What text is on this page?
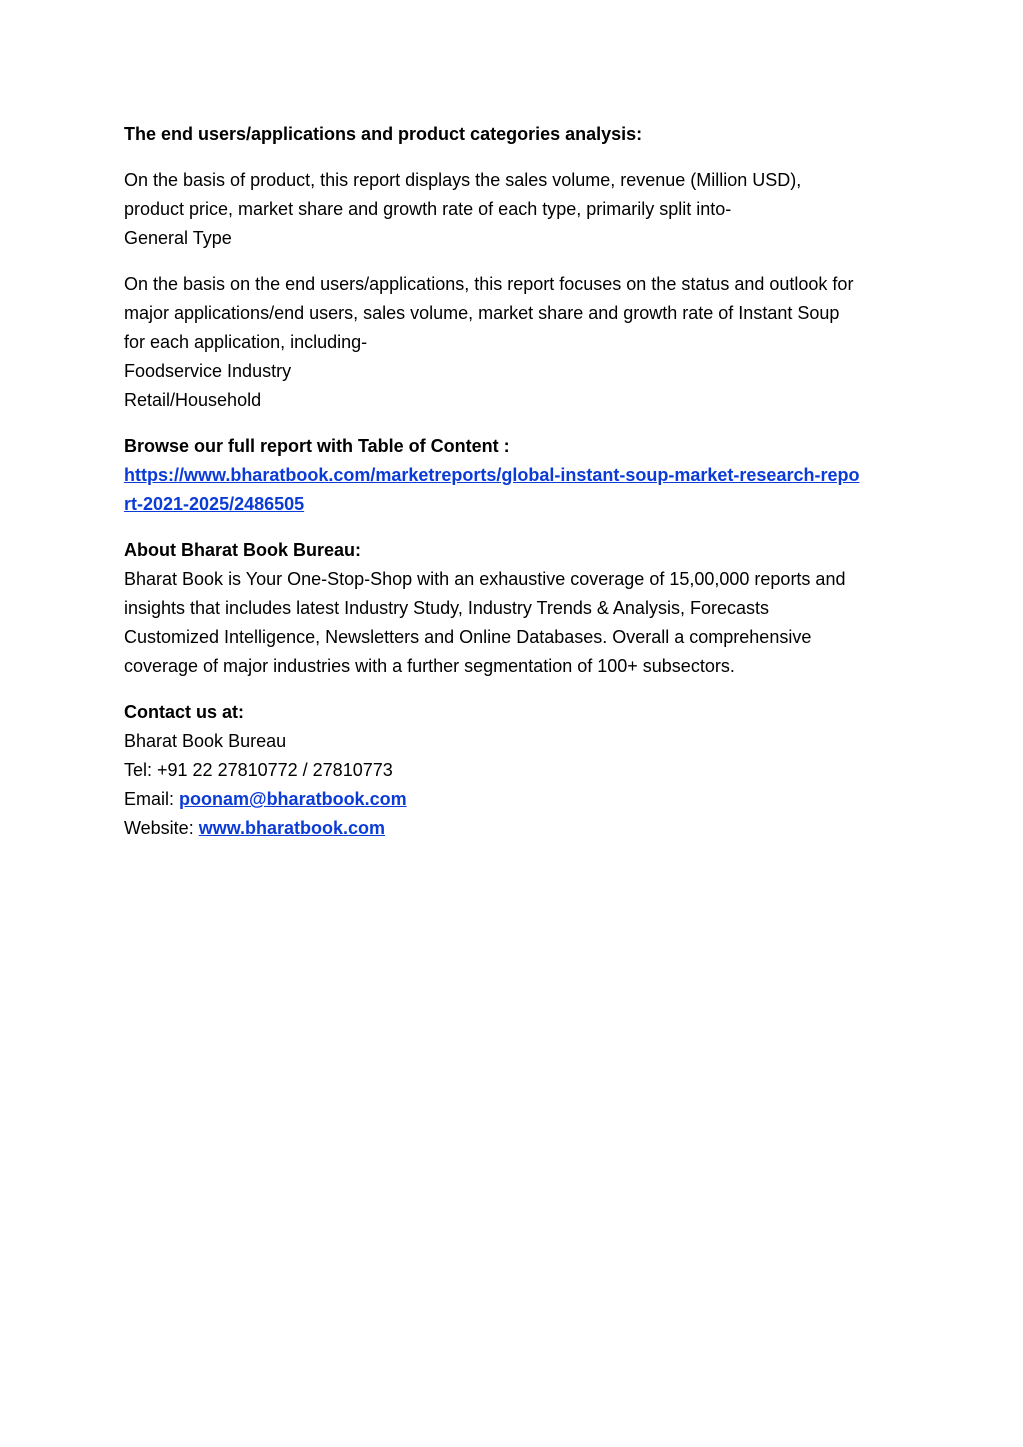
The end users/applications and product categories analysis:
On the basis of product, this report displays the sales volume, revenue (Million USD),
product price, market share and growth rate of each type, primarily split into-
General Type
On the basis on the end users/applications, this report focuses on the status and outlook for
major applications/end users, sales volume, market share and growth rate of Instant Soup
for each application, including-
Foodservice Industry
Retail/Household
Browse our full report with Table of Content :
https://www.bharatbook.com/marketreports/global-instant-soup-market-research-report-2021-2025/2486505
About Bharat Book Bureau:
Bharat Book is Your One-Stop-Shop with an exhaustive coverage of 15,00,000 reports and
insights that includes latest Industry Study, Industry Trends & Analysis, Forecasts
Customized Intelligence, Newsletters and Online Databases. Overall a comprehensive
coverage of major industries with a further segmentation of 100+ subsectors.
Contact us at:
Bharat Book Bureau
Tel: +91 22 27810772 / 27810773
Email: poonam@bharatbook.com
Website: www.bharatbook.com
